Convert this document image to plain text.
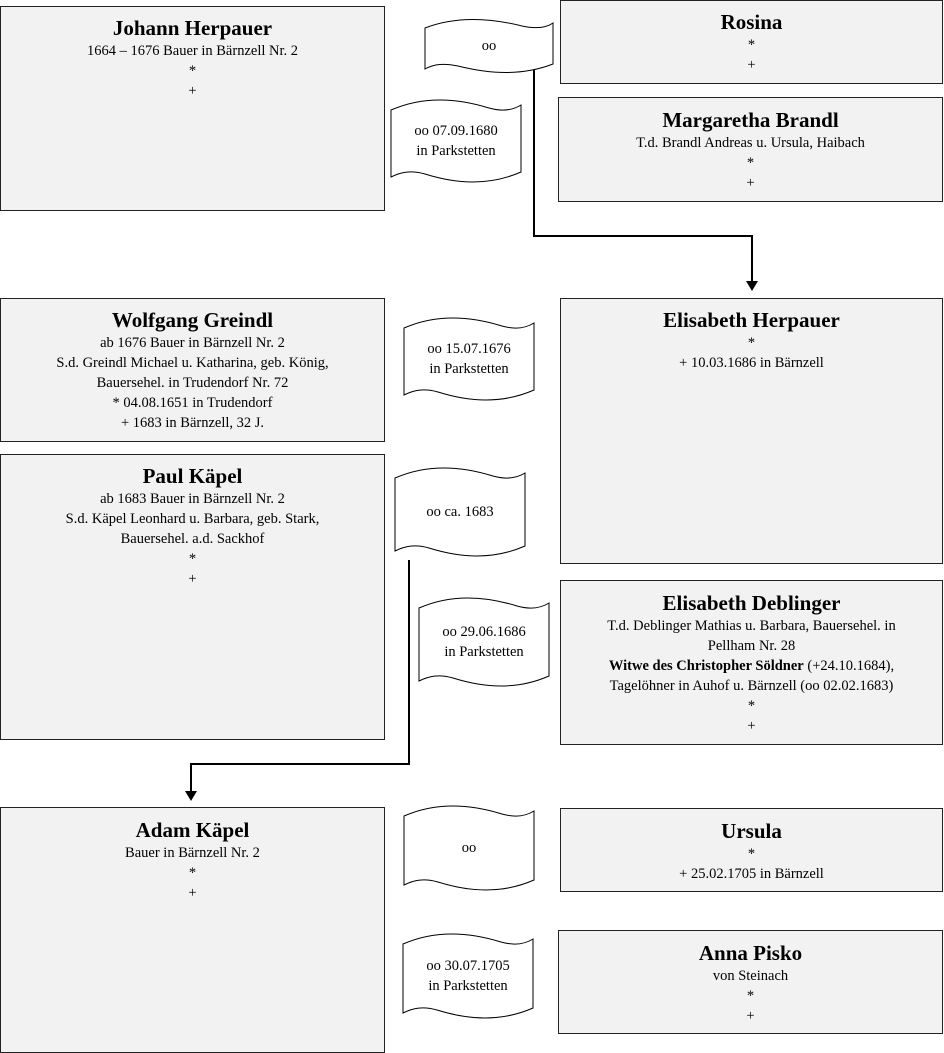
Johann Herpauer
1664 – 1676 Bauer in Bärnzell Nr. 2
*
+
Rosina
*
+
Margaretha Brandl
T.d. Brandl Andreas u. Ursula, Haibach
*
+
Wolfgang Greindl
ab 1676 Bauer in Bärnzell Nr. 2
S.d. Greindl Michael u. Katharina, geb. König,
Bauersehel. in Trudendorf Nr. 72
* 04.08.1651 in Trudendorf
+ 1683 in Bärnzell, 32 J.
Elisabeth Herpauer
*
+ 10.03.1686 in Bärnzell
Paul Käpel
ab 1683 Bauer in Bärnzell Nr. 2
S.d. Käpel Leonhard u. Barbara, geb. Stark,
Bauersehel. a.d. Sackhof
*
+
Elisabeth Deblinger
T.d. Deblinger Mathias u. Barbara, Bauersehel. in
Pellham Nr. 28
Witwe des Christopher Söldner (+24.10.1684),
Tagelöhner in Auhof u. Bärnzell (oo 02.02.1683)
*
+
Adam Käpel
Bauer in Bärnzell Nr. 2
*
+
Ursula
*
+ 25.02.1705 in Bärnzell
Anna Pisko
von Steinach
*
+
oo
oo 07.09.1680
in Parkstetten
oo 15.07.1676
in Parkstetten
oo ca. 1683
oo 29.06.1686
in Parkstetten
oo
oo 30.07.1705
in Parkstetten
